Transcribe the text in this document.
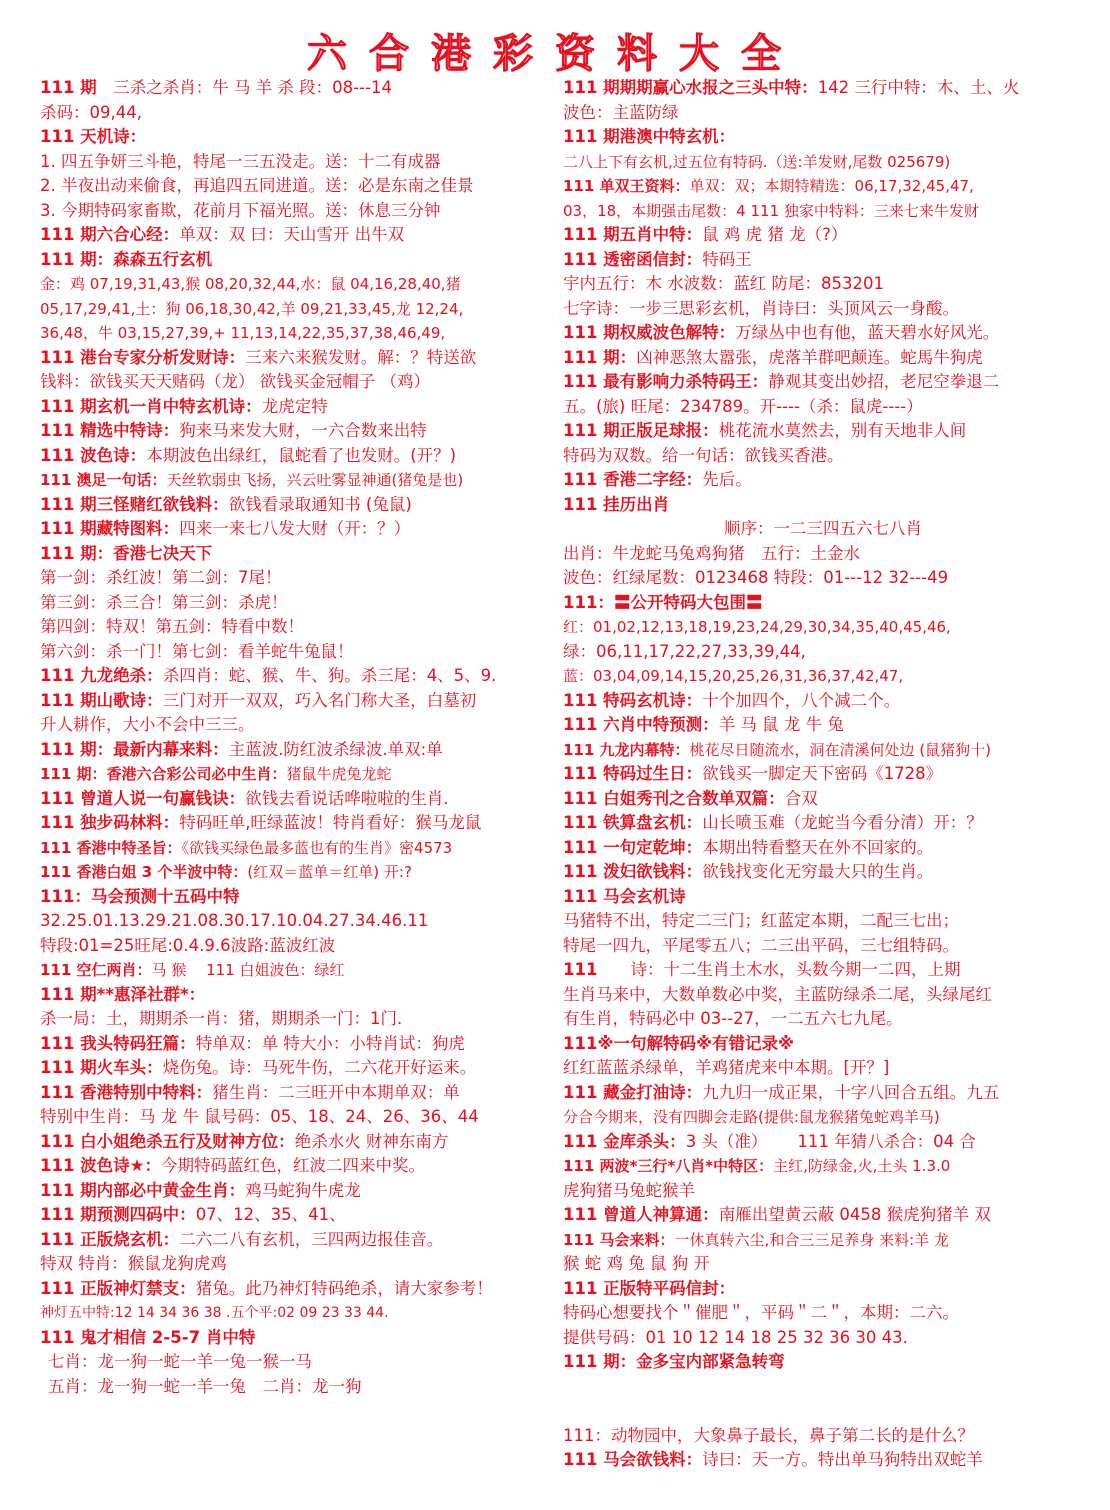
六合港彩资料大全
111 期　三杀之杀肖：牛 马 羊 杀 段：08---14
杀码：09,44,
111 天机诗：
1. 四五争妍三斗艳，特尾一三五没走。送：十二有成器
2. 半夜出动来偷食，再追四五同进道。送：必是东南之佳景
3. 今期特码家畜欺，花前月下福光照。送：休息三分钟
111 期六合心经：单双：双 曰：天山雪开 出牛双
111 期：森森五行玄机
金：鸡 07,19,31,43,猴 08,20,32,44,水：鼠 04,16,28,40,猪
05,17,29,41,土：狗 06,18,30,42,羊 09,21,33,45,龙 12,24,
36,48，牛 03,15,27,39,+ 11,13,14,22,35,37,38,46,49,
111 港台专家分析发财诗：三来六来猴发财。解：？特送欲
钱料：欲钱买天天赌码（龙） 欲钱买金冠帽子 （鸡）
111 期玄机一肖中特玄机诗：龙虎定特
111 精选中特诗：狗来马来发大财，一六合数来出特
111 波色诗：本期波色出绿红，鼠蛇看了也发财。(开？)
111 澳足一句话：天丝软弱虫飞扬，兴云吐雾显神通(猪兔是也)
111 期三怪赌红欲钱料：欲钱看录取通知书 (兔鼠)
111 期藏特图料：四来一来七八发大财（开：？）
111 期：香港七决天下
第一剑：杀红波！第二剑：7尾！
第三剑：杀三合！第三剑：杀虎！
第四剑：特双！第五剑：特看中数！
第六剑：杀一门！第七剑：看羊蛇牛兔鼠！
111 九龙绝杀：杀四肖：蛇、猴、牛、狗。杀三尾：4、5、9.
111 期山歌诗：三门对开一双双，巧入名门称大圣，白墓初
升人耕作，大小不会中三三。
111 期：最新内幕来料：主蓝波.防红波杀绿波.单双:单
111 期：香港六合彩公司必中生肖：猪鼠牛虎兔龙蛇
111 曾道人说一句赢钱诀：欲钱去看说话哗啦啦的生肖.
111 独步码林料：特码旺单,旺绿蓝波！特肖看好：猴马龙鼠
111 香港中特圣旨：《欲钱买绿色最多蓝也有的生肖》密4573
111 香港白姐 3 个半波中特：(红双＝蓝单＝红单) 开:?
111：马会预测十五码中特
32.25.01.13.29.21.08.30.17.10.04.27.34.46.11
特段:01=25旺尾:0.4.9.6波路:蓝波红波
111 空仁两肖：马 猴　 111 白姐波色：绿红
111 期**惠泽社群*：
杀一局：土，期期杀一肖：猪，期期杀一门：1门.
111 我头特码狂篇：特单双：单 特大小：小特肖试：狗虎
111 期火车头：烧伤兔。诗：马死牛伤，二六花开好运来。
111 香港特别中特料：猪生肖：二三旺开中本期单双：单
特别中生肖：马 龙 牛 鼠号码：05、18、24、26、36、44
111 白小姐绝杀五行及财神方位：绝杀水火 财神东南方
111 波色诗★：今期特码蓝红色，红波二四来中奖。
111 期内部必中黄金生肖：鸡马蛇狗牛虎龙
111 期预测四码中：07、12、35、41、
111 正版烧玄机：二六二八有玄机，三四两边报佳音。
特双 特肖：猴鼠龙狗虎鸡
111 正版神灯禁支：猪兔。此乃神灯特码绝杀，请大家参考！
神灯五中特:12 14 34 36 38 .五个平:02 09 23 33 44.
111 鬼才相信 2-5-7 肖中特
七肖：龙一狗一蛇一羊一兔一猴一马
五肖：龙一狗一蛇一羊一兔　二肖：龙一狗
111 期期期赢心水报之三头中特：142 三行中特：木、土、火
波色：主蓝防绿
111 期港澳中特玄机：
二八上下有玄机,过五位有特码.（送:羊发财,尾数 025679)
111 单双王资料：单双：双；本期特精选：06,17,32,45,47,
03，18，本期强击尾数：4 111 独家中特料：三来七来牛发财
111 期五肖中特：鼠 鸡 虎 猪 龙（?）
111 透密函信封：特码王
宇内五行：木 水波数：蓝红 防尾：853201
七字诗：一步三思彩玄机，肖诗曰：头顶风云一身酸。
111 期权威波色解特：万绿丛中也有他，蓝天碧水好风光。
111 期：凶神恶煞太嚣张，虎落羊群吧颠连。蛇馬牛狗虎
111 最有影响力杀特码王：静观其变出妙招，老尼空拳退二
五。(旅) 旺尾：234789。开----（杀：鼠虎----）
111 期正版足球报：桃花流水莫然去，别有天地非人间
特码为双数。给一句话：欲钱买香港。
111 香港二字经：先后。
111 挂历出肖
顺序：一二三四五六七八肖
出肖：牛龙蛇马兔鸡狗猪　五行：土金水
波色：红绿尾数：0123468 特段：01---12 32---49
111：〓公开特码大包围〓
红：01,02,12,13,18,19,23,24,29,30,34,35,40,45,46,
绿：06,11,17,22,27,33,39,44,
蓝：03,04,09,14,15,20,25,26,31,36,37,42,47,
111 特码玄机诗：十个加四个，八个减二个。
111 六肖中特预测：羊 马 鼠 龙 牛 兔
111 九龙内幕特：桃花尽日随流水，洞在清溪何处边 (鼠猪狗十)
111 特码过生日：欲钱买一脚定天下密码《1728》
111 白姐秀刊之合数单双篇：合双
111 铁算盘玄机：山长喷玉难（龙蛇当今看分清）开：？
111 一句定乾坤：本期出特看整天在外不回家的。
111 泼妇欲钱料：欲钱找变化无穷最大只的生肖。
111 马会玄机诗
马猪特不出，特定二三门；红蓝定本期，二配三七出；
特尾一四九，平尾零五八；二三出平码，三七组特码。
111　　诗：十二生肖土木水，头数今期一二四，上期
生肖马来中，大数单数必中奖，主蓝防绿杀二尾，头绿尾红
有生肖，特码必中 03--27，一二五六七九尾。
111※一句解特码※有错记录※
红红蓝蓝杀绿单，羊鸡猪虎来中本期。[开？]
111 藏金打油诗：九九归一成正果，十字八回合五组。九五
分合今期来，没有四脚会走路(提供:鼠龙猴猪兔蛇鸡羊马)
111 金库杀头：3 头（准）　　 111 年猜八杀合：04 合
111 两波*三行*八肖*中特区：主红,防绿金,火,土头 1.3.0
虎狗猪马兔蛇猴羊
111 曾道人神算通：南雁出望黄云蔽 0458 猴虎狗猪羊 双
111 马会来料：一休真转六尘,和合三三足养身 来料:羊 龙
猴 蛇 鸡 兔 鼠 狗 开
111 正版特平码信封：
特码心想要找个＂催肥＂，平码＂二＂，本期：二六。
提供号码：01 10 12 14 18 25 32 36 30 43.
111 期：金多宝内部紧急转弯
111：动物园中，大象鼻子最长，鼻子第二长的是什么？
111 马会欲钱料：诗曰：天一方。特出单马狗特出双蛇羊
